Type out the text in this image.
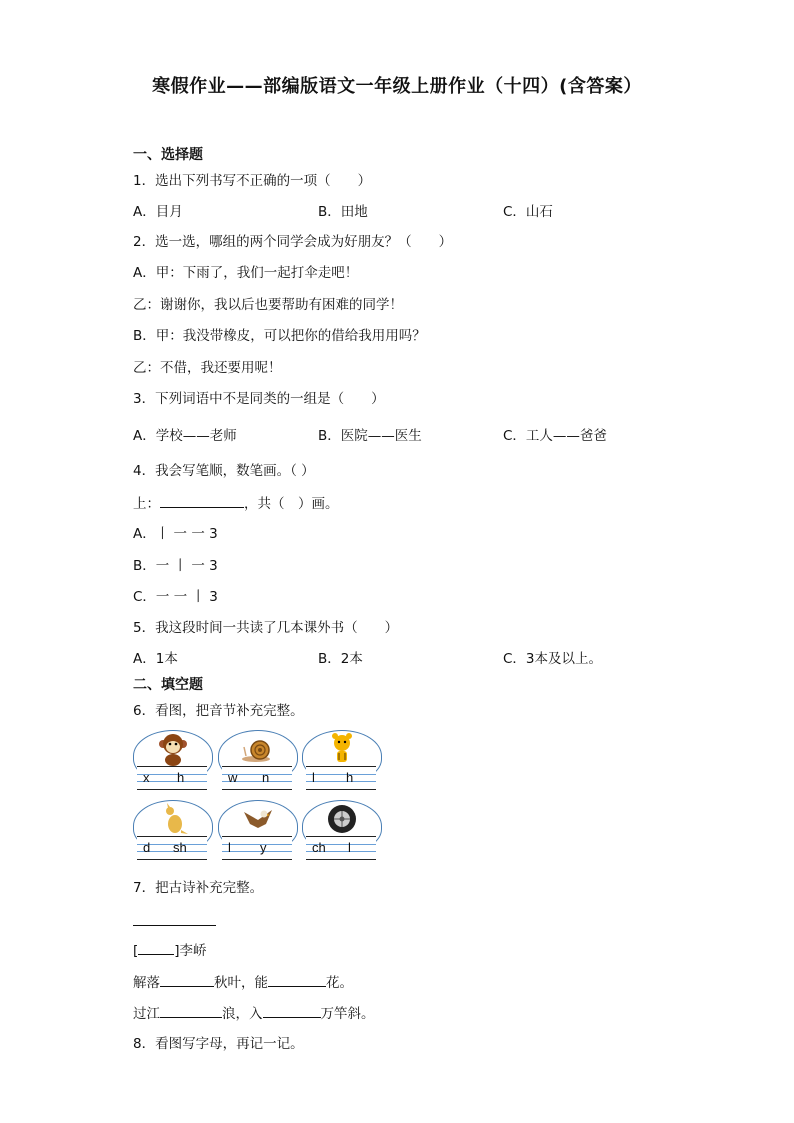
寒假作业——部编版语文一年级上册作业（十四）(含答案）
一、选择题
1．选出下列书写不正确的一项（　　）
A．目月	B．田地	C．山石
2．选一选，哪组的两个同学会成为好朋友？（　　）
A．甲：下雨了，我们一起打伞走吧！
乙：谢谢你，我以后也要帮助有困难的同学！
B．甲：我没带橡皮，可以把你的借给我用用吗？
乙：不借，我还要用呢！
3．下列词语中不是同类的一组是（　　）
A．学校——老师	B．医院——医生	C．工人——爸爸
4．我会写笔顺，数笔画。（ ）
上：	，共（　）画。
A．丨 一 一 3
B．一 丨 一 3
C．一 一 丨 3
5．我这段时间一共读了几本课外书（　　）
A．1本	B．2本	C．3本及以上。
二、填空题
6．看图，把音节补充完整。
x h	w n	l h
d sh	l y	ch l
7．把古诗补充完整。
[	]李峤
解落	秋叶，能	花。
过江	浪，入	万竿斜。
8．看图写字母，再记一记。
